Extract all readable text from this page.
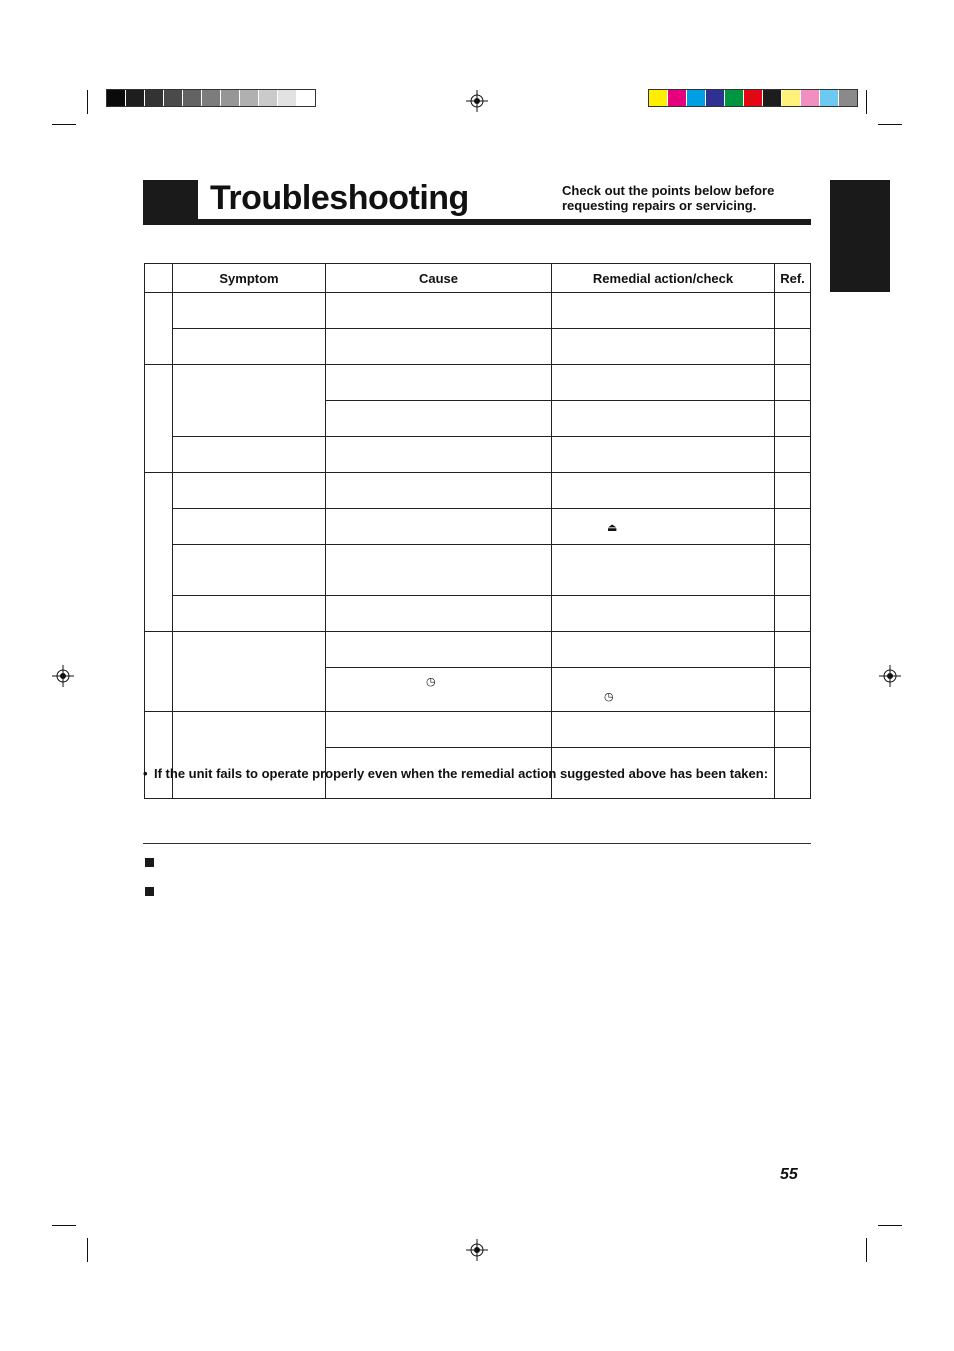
Troubleshooting	Check out the points below before requesting repairs or servicing.
	Symptom	Cause	Remedial action/check	Ref.

			⏏	

		◷	◷	

• If the unit fails to operate properly even when the remedial action suggested above has been taken:
55
